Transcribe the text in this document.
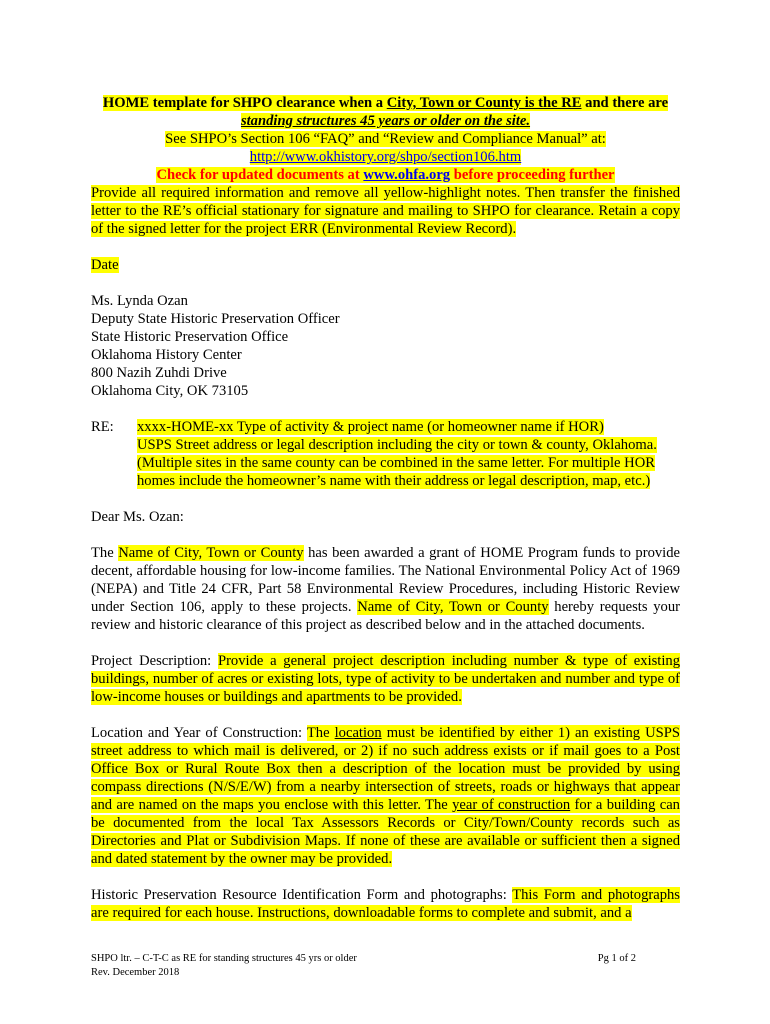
HOME template for SHPO clearance when a City, Town or County is the RE and there are
standing structures 45 years or older on the site.
See SHPO’s Section 106 “FAQ” and “Review and Compliance Manual” at:
http://www.okhistory.org/shpo/section106.htm
Check for updated documents at www.ohfa.org before proceeding further
Provide all required information and remove all yellow-highlight notes. Then transfer the finished letter to the RE’s official stationary for signature and mailing to SHPO for clearance. Retain a copy of the signed letter for the project ERR (Environmental Review Record).
Date
Ms. Lynda Ozan
Deputy State Historic Preservation Officer
State Historic Preservation Office
Oklahoma History Center
800 Nazih Zuhdi Drive
Oklahoma City, OK 73105
RE:	xxxx-HOME-xx Type of activity & project name (or homeowner name if HOR)
USPS Street address or legal description including the city or town & county, Oklahoma.
(Multiple sites in the same county can be combined in the same letter. For multiple HOR homes include the homeowner’s name with their address or legal description, map, etc.)
Dear Ms. Ozan:
The Name of City, Town or County has been awarded a grant of HOME Program funds to provide decent, affordable housing for low-income families. The National Environmental Policy Act of 1969 (NEPA) and Title 24 CFR, Part 58 Environmental Review Procedures, including Historic Review under Section 106, apply to these projects. Name of City, Town or County hereby requests your review and historic clearance of this project as described below and in the attached documents.
Project Description: Provide a general project description including number & type of existing buildings, number of acres or existing lots, type of activity to be undertaken and number and type of low-income houses or buildings and apartments to be provided.
Location and Year of Construction: The location must be identified by either 1) an existing USPS street address to which mail is delivered, or 2) if no such address exists or if mail goes to a Post Office Box or Rural Route Box then a description of the location must be provided by using compass directions (N/S/E/W) from a nearby intersection of streets, roads or highways that appear and are named on the maps you enclose with this letter. The year of construction for a building can be documented from the local Tax Assessors Records or City/Town/County records such as Directories and Plat or Subdivision Maps. If none of these are available or sufficient then a signed and dated statement by the owner may be provided.
Historic Preservation Resource Identification Form and photographs: This Form and photographs are required for each house. Instructions, downloadable forms to complete and submit, and a
SHPO ltr. – C-T-C as RE for standing structures 45 yrs or older	Pg 1 of 2
Rev. December 2018
